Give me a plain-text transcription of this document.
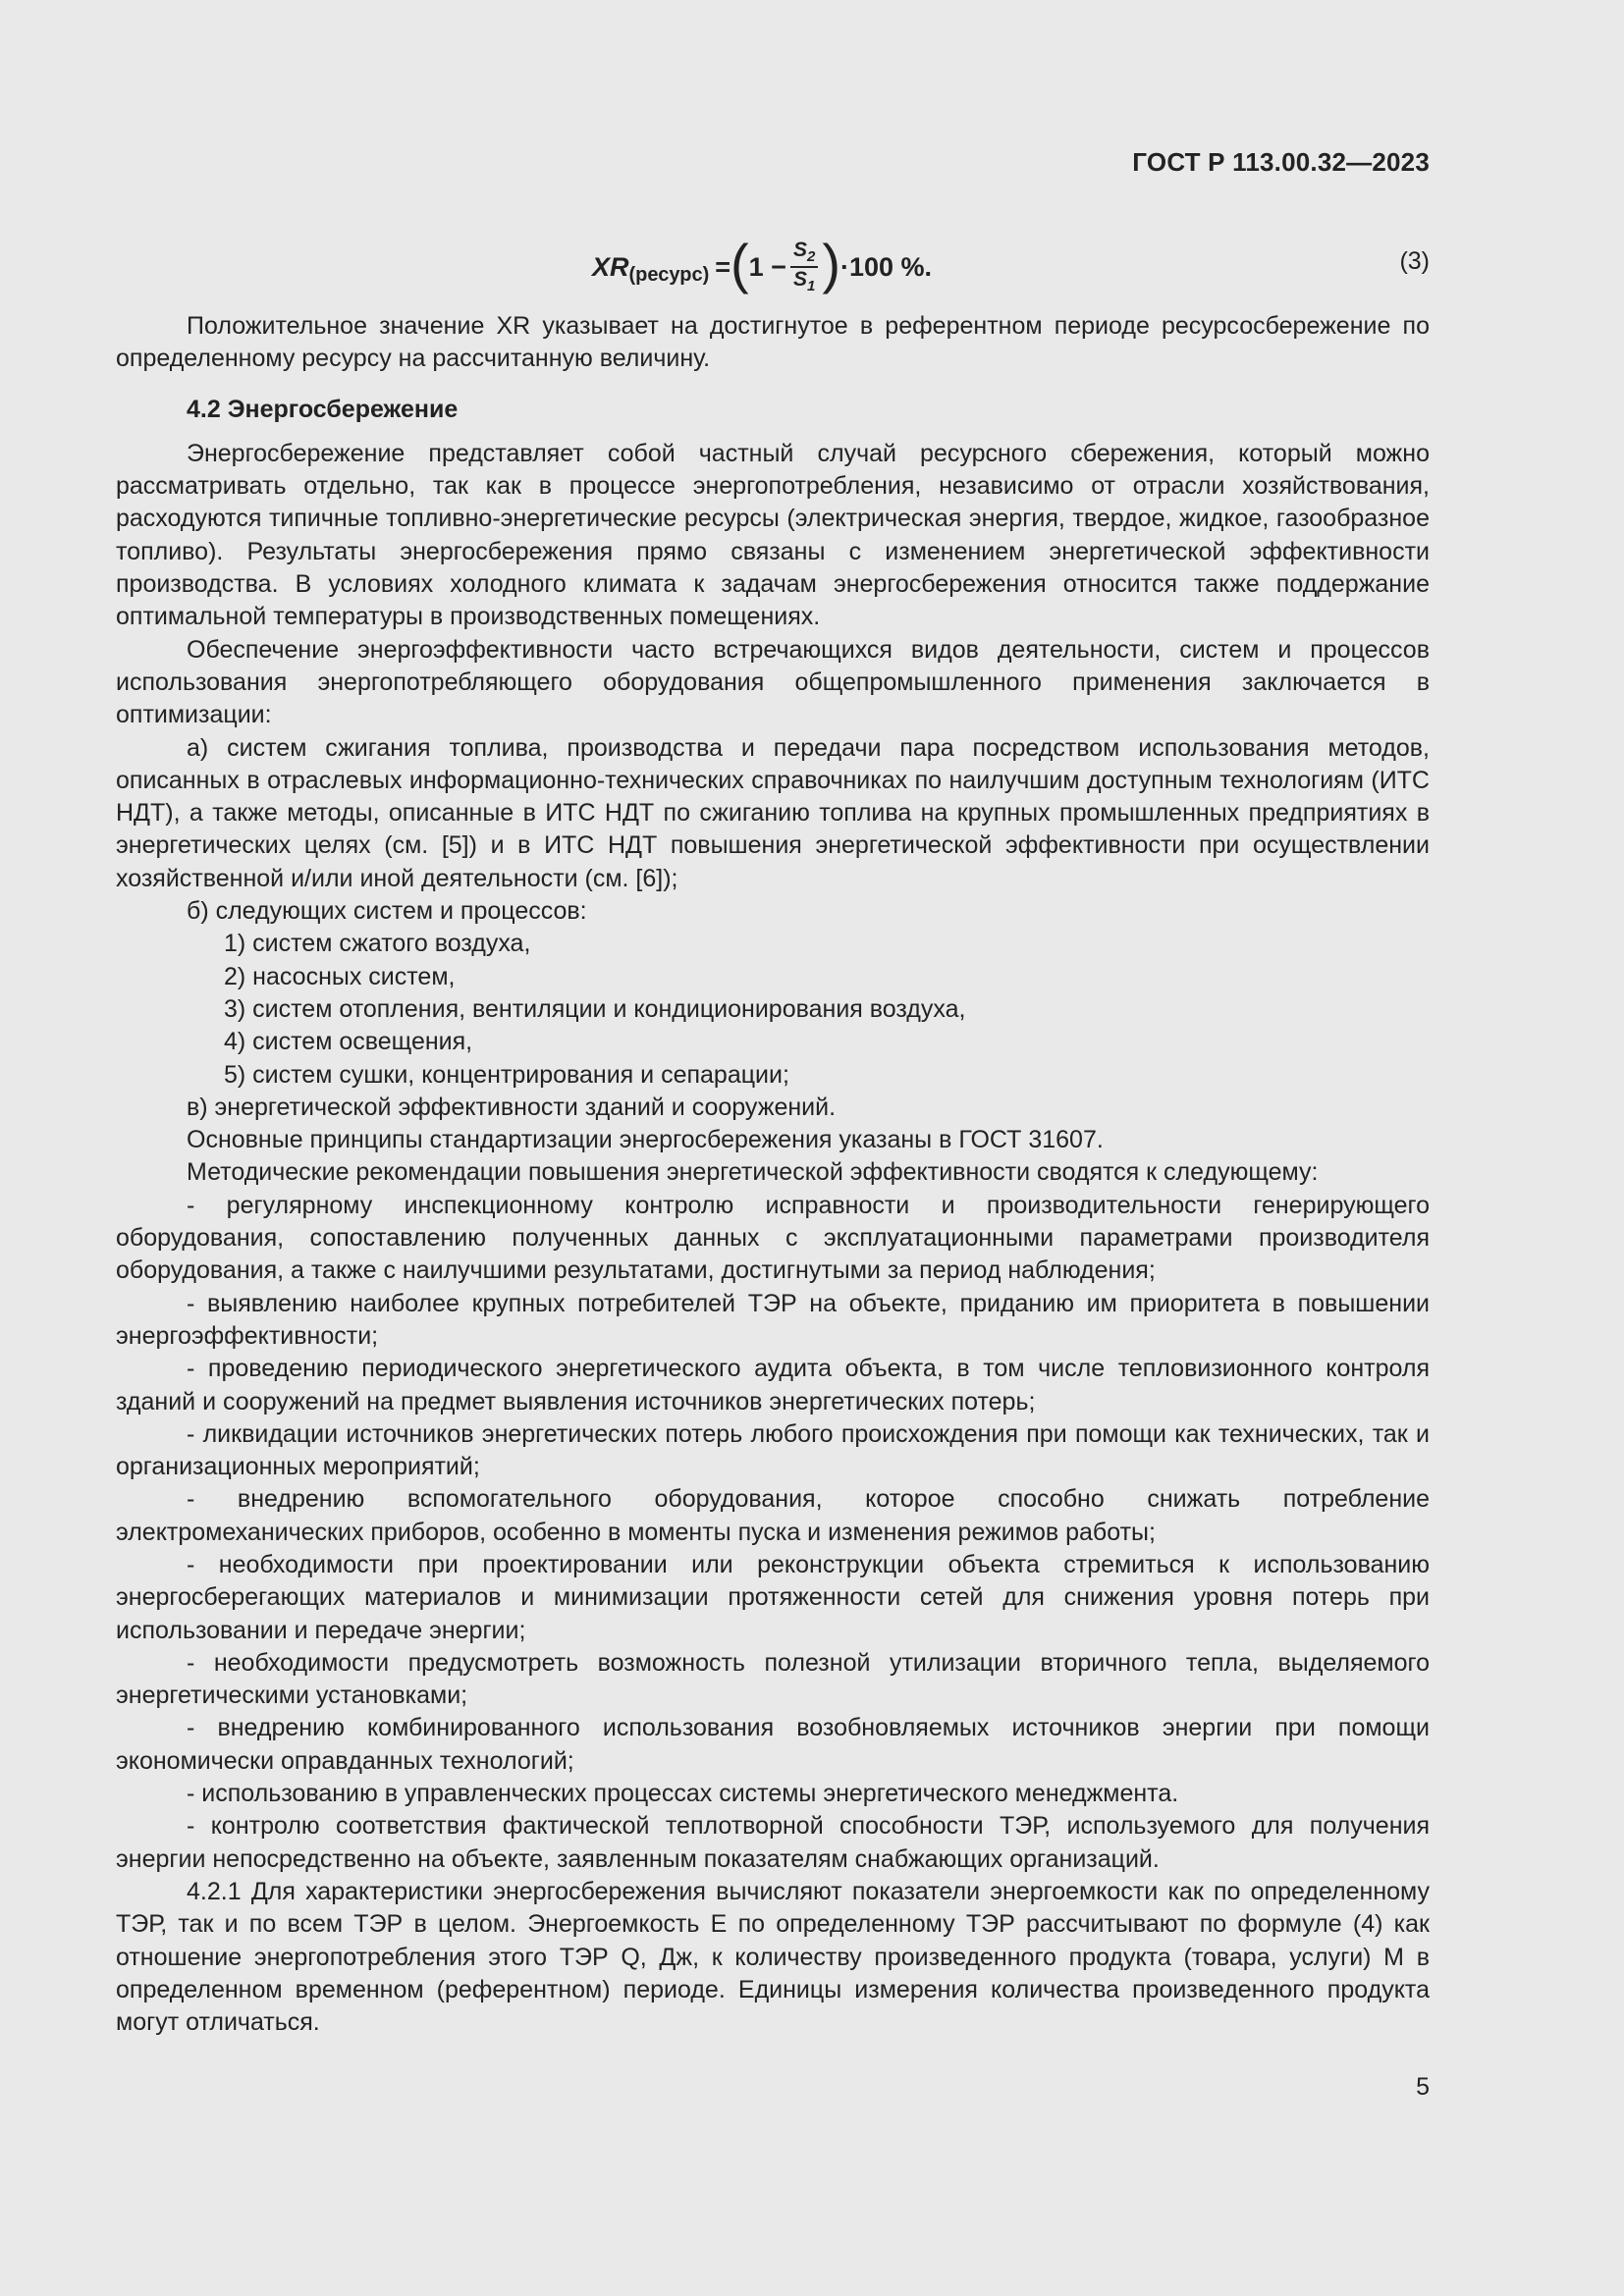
ГОСТ Р 113.00.32—2023
XR (ресурс) = ( $1 - \frac{S_2}{S_1}$ ) ·100 %.	(3)

Положительное значение XR указывает на достигнутое в референтном периоде ресурсосбережение по определенному ресурсу на рассчитанную величину.

4.2 Энергосбережение

Энергосбережение представляет собой частный случай ресурсного сбережения, который можно рассматривать отдельно, так как в процессе энергопотребления, независимо от отрасли хозяйствования, расходуются типичные топливно-энергетические ресурсы (электрическая энергия, твердое, жидкое, газообразное топливо). Результаты энергосбережения прямо связаны с изменением энергетической эффективности производства. В условиях холодного климата к задачам энергосбережения относится также поддержание оптимальной температуры в производственных помещениях.

Обеспечение энергоэффективности часто встречающихся видов деятельности, систем и процессов использования энергопотребляющего оборудования общепромышленного применения заключается в оптимизации:

а) систем сжигания топлива, производства и передачи пара посредством использования методов, описанных в отраслевых информационно-технических справочниках по наилучшим доступным технологиям (ИТС НДТ), а также методы, описанные в ИТС НДТ по сжиганию топлива на крупных промышленных предприятиях в энергетических целях (см. [5]) и в ИТС НДТ повышения энергетической эффективности при осуществлении хозяйственной и/или иной деятельности (см. [6]);

б) следующих систем и процессов:

1) систем сжатого воздуха,

2) насосных систем,

3) систем отопления, вентиляции и кондиционирования воздуха,

4) систем освещения,

5) систем сушки, концентрирования и сепарации;

в) энергетической эффективности зданий и сооружений.

Основные принципы стандартизации энергосбережения указаны в ГОСТ 31607.

Методические рекомендации повышения энергетической эффективности сводятся к следующему:

- регулярному инспекционному контролю исправности и производительности генерирующего оборудования, сопоставлению полученных данных с эксплуатационными параметрами производителя оборудования, а также с наилучшими результатами, достигнутыми за период наблюдения;

- выявлению наиболее крупных потребителей ТЭР на объекте, приданию им приоритета в повышении энергоэффективности;

- проведению периодического энергетического аудита объекта, в том числе тепловизионного контроля зданий и сооружений на предмет выявления источников энергетических потерь;

- ликвидации источников энергетических потерь любого происхождения при помощи как технических, так и организационных мероприятий;

- внедрению вспомогательного оборудования, которое способно снижать потребление электромеханических приборов, особенно в моменты пуска и изменения режимов работы;

- необходимости при проектировании или реконструкции объекта стремиться к использованию энергосберегающих материалов и минимизации протяженности сетей для снижения уровня потерь при использовании и передаче энергии;

- необходимости предусмотреть возможность полезной утилизации вторичного тепла, выделяемого энергетическими установками;

- внедрению комбинированного использования возобновляемых источников энергии при помощи экономически оправданных технологий;

- использованию в управленческих процессах системы энергетического менеджмента.

- контролю соответствия фактической теплотворной способности ТЭР, используемого для получения энергии непосредственно на объекте, заявленным показателям снабжающих организаций.

4.2.1 Для характеристики энергосбережения вычисляют показатели энергоемкости как по определенному ТЭР, так и по всем ТЭР в целом. Энергоемкость E по определенному ТЭР рассчитывают по формуле (4) как отношение энергопотребления этого ТЭР Q, Дж, к количеству произведенного продукта (товара, услуги) M в определенном временном (референтном) периоде. Единицы измерения количества произведенного продукта могут отличаться.

5
